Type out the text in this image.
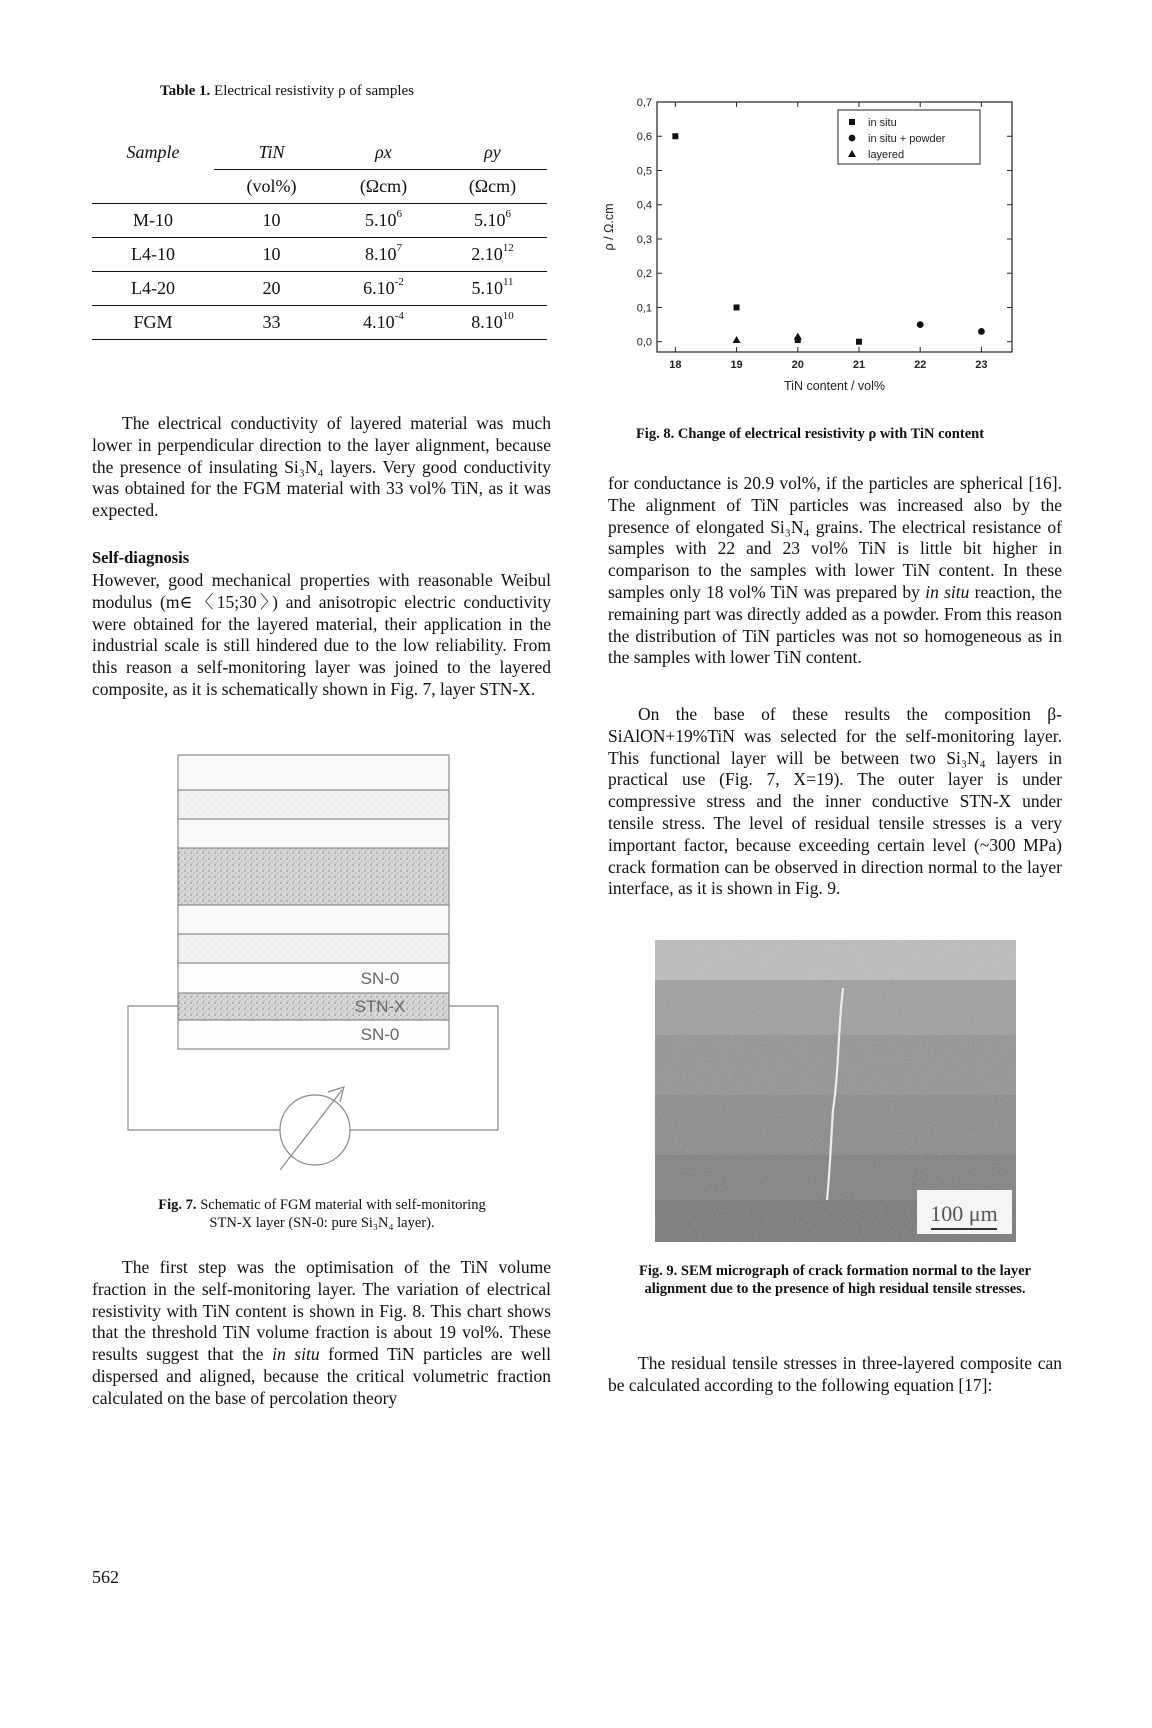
Table 1. Electrical resistivity ρ of samples
Sample	TiN	ρx	ρy
	(vol%)	(Ωcm)	(Ωcm)
M-10	10	5.10$^6$	5.10$^6$
L4-10	10	8.10$^7$	2.10$^{12}$
L4-20	20	$6.10^{-2}$	5.10$^{11}$
FGM	33	$4.10^{-4}$	8.10$^{10}$

0,0
0,1
0,2
0,3
0,4
0,5
0,6
0,7
18	19	20	21	22	23
TiN content / vol%
ρ / Ω.cm
in situ
in situ + powder
layered
Fig. 8. Change of electrical resistivity ρ with TiN content
The electrical conductivity of layered material was much lower in perpendicular direction to the layer alignment, because the presence of insulating Si₃N₄ layers. Very good conductivity was obtained for the FGM material with 33 vol% TiN, as it was expected.
Self-diagnosis
However, good mechanical properties with reasonable Weibul modulus (m∈〈15;30〉) and anisotropic electric conductivity were obtained for the layered material, their application in the industrial scale is still hindered due to the low reliability. From this reason a self-monitoring layer was joined to the layered composite, as it is schematically shown in Fig. 7, layer STN-X.
SN-0
STN-X
SN-0
Fig. 7. Schematic of FGM material with self-monitoring
STN-X layer (SN-0: pure Si₃N₄ layer).
The first step was the optimisation of the TiN volume fraction in the self-monitoring layer. The variation of electrical resistivity with TiN content is shown in Fig. 8. This chart shows that the threshold TiN volume fraction is about 19 vol%. These results suggest that the in situ formed TiN particles are well dispersed and aligned, because the critical volumetric fraction calculated on the base of percolation theory
for conductance is 20.9 vol%, if the particles are spherical [16]. The alignment of TiN particles was increased also by the presence of elongated Si₃N₄ grains. The electrical resistance of samples with 22 and 23 vol% TiN is little bit higher in comparison to the samples with lower TiN content. In these samples only 18 vol% TiN was prepared by in situ reaction, the remaining part was directly added as a powder. From this reason the distribution of TiN particles was not so homogeneous as in the samples with lower TiN content.
On the base of these results the composition β-SiAlON+19%TiN was selected for the self-monitoring layer. This functional layer will be between two Si₃N₄ layers in practical use (Fig. 7, X=19). The outer layer is under compressive stress and the inner conductive STN-X under tensile stress. The level of residual tensile stresses is a very important factor, because exceeding certain level (~300 MPa) crack formation can be observed in direction normal to the layer interface, as it is shown in Fig. 9.
100 μm
Fig. 9. SEM micrograph of crack formation normal to the layer alignment due to the presence of high residual tensile stresses.
The residual tensile stresses in three-layered composite can be calculated according to the following equation [17]:
562
